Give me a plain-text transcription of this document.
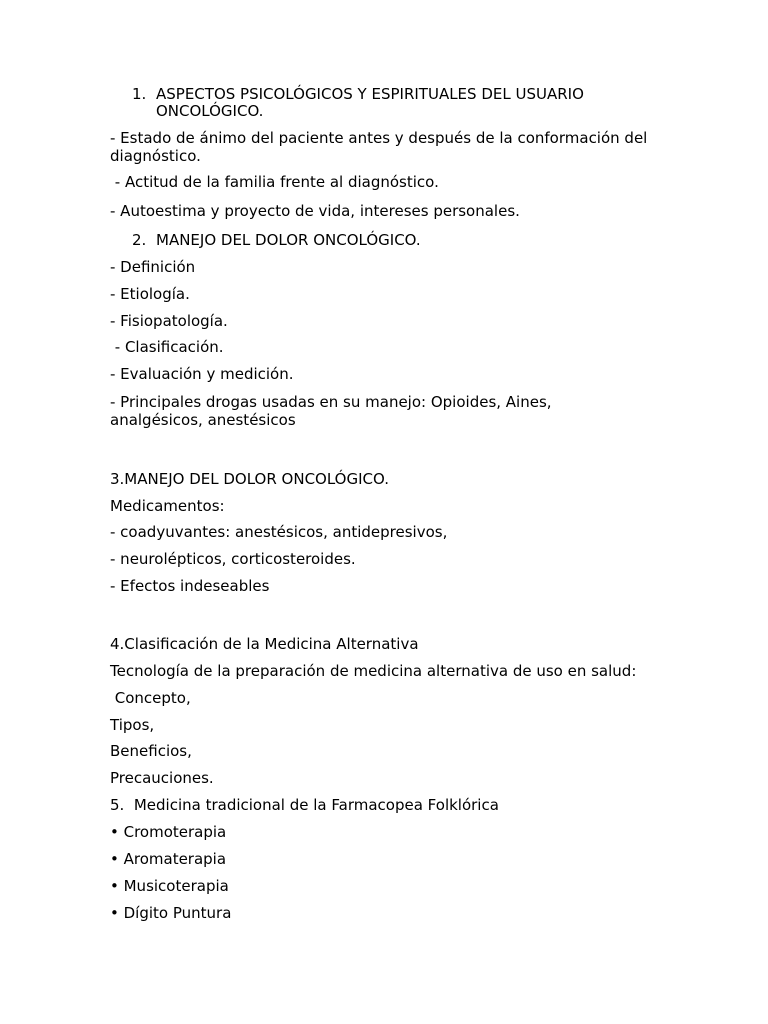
1. ASPECTOS PSICOLÓGICOS Y ESPIRITUALES DEL USUARIO ONCOLÓGICO.
- Estado de ánimo del paciente antes y después de la conformación del diagnóstico.
- Actitud de la familia frente al diagnóstico.
- Autoestima y proyecto de vida, intereses personales.
2. MANEJO DEL DOLOR ONCOLÓGICO.
- Definición
- Etiología.
- Fisiopatología.
- Clasificación.
- Evaluación y medición.
- Principales drogas usadas en su manejo: Opioides, Aines, analgésicos, anestésicos
3.MANEJO DEL DOLOR ONCOLÓGICO.
Medicamentos:
- coadyuvantes: anestésicos, antidepresivos,
- neurolépticos, corticosteroides.
- Efectos indeseables
4.Clasificación de la Medicina Alternativa
Tecnología de la preparación de medicina alternativa de uso en salud:
Concepto,
Tipos,
Beneficios,
Precauciones.
5.  Medicina tradicional de la Farmacopea Folklórica
• Cromoterapia
• Aromaterapia
• Musicoterapia
• Dígito Puntura
